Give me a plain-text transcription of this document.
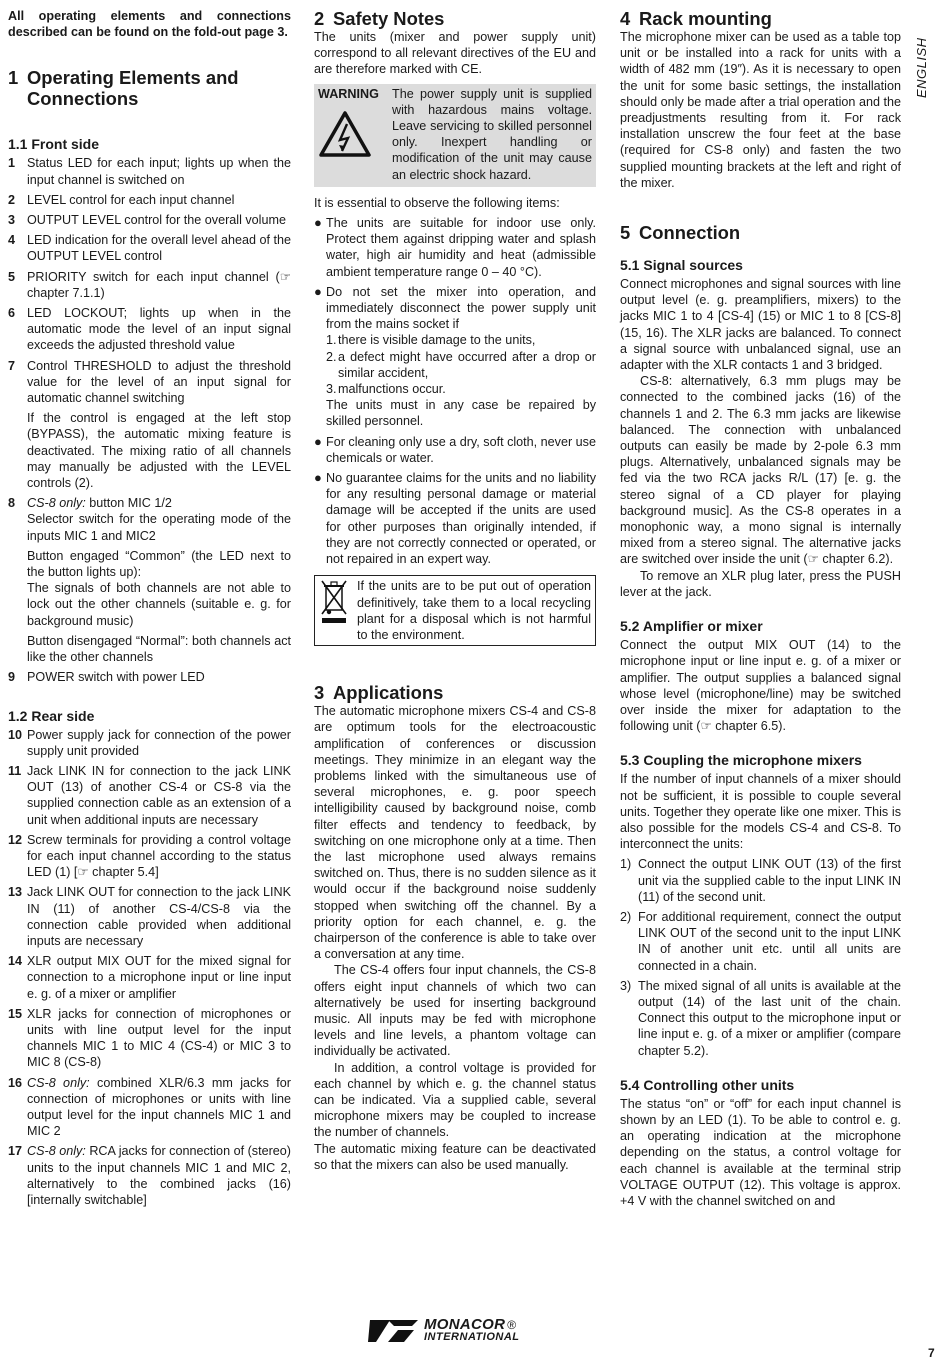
All operating elements and connections described can be found on the fold-out page 3.

1 Operating Elements and Connections
1.1 Front side
1 Status LED for each input; lights up when the input channel is switched on

2 LEVEL control for each input channel

3 OUTPUT LEVEL control for the overall volume

4 LED indication for the overall level ahead of the OUTPUT LEVEL control

5 PRIORITY switch for each input channel (☞ chapter 7.1.1)

6 LED LOCKOUT; lights up when in the automatic mode the level of an input signal exceeds the adjusted threshold value

7 Control THRESHOLD to adjust the threshold value for the level of an input signal for automatic channel switching

If the control is engaged at the left stop (BYPASS), the automatic mixing feature is deactivated. The mixing ratio of all channels may manually be adjusted with the LEVEL controls (2).

8 CS-8 only: button MIC 1/2
Selector switch for the operating mode of the inputs MIC 1 and MIC2

Button engaged “Common” (the LED next to the button lights up):

The signals of both channels are not able to lock out the other channels (suitable e. g. for background music)

Button disengaged “Normal”: both channels act like the other channels

9 POWER switch with power LED

1.2 Rear side
10 Power supply jack for connection of the power supply unit provided

11 Jack LINK IN for connection to the jack LINK OUT (13) of another CS-4 or CS-8 via the supplied connection cable as an extension of a unit when additional inputs are necessary

12 Screw terminals for providing a control voltage for each input channel according to the status LED (1) [☞ chapter 5.4]

13 Jack LINK OUT for connection to the jack LINK IN (11) of another CS-4/CS-8 via the connection cable provided when additional inputs are necessary

14 XLR output MIX OUT for the mixed signal for connection to a microphone input or line input e. g. of a mixer or amplifier

15 XLR jacks for connection of microphones or units with line output level for the input channels MIC 1 to MIC 4 (CS-4) or MIC 3 to MIC 8 (CS-8)

16 CS-8 only: combined XLR/6.3 mm jacks for connection of microphones or units with line output level for the input channels MIC 1 and MIC 2

17 CS-8 only: RCA jacks for connection of (stereo) units to the input channels MIC 1 and MIC 2, alternatively to the combined jacks (16) [internally switchable]

2 Safety Notes

The units (mixer and power supply unit) correspond to all relevant directives of the EU and are therefore marked with CE.

WARNING	The power supply unit is supplied with hazardous mains voltage. Leave servicing to skilled personnel only. Inexpert handling or modification of the unit may cause an electric shock hazard.

It is essential to observe the following items:

● The units are suitable for indoor use only. Protect them against dripping water and splash water, high air humidity and heat (admissible ambient temperature range 0 – 40 °C).
● Do not set the mixer into operation, and immediately disconnect the power supply unit from the mains socket if
1. there is visible damage to the units,
2. a defect might have occurred after a drop or similar accident,
3. malfunctions occur.
The units must in any case be repaired by skilled personnel.
● For cleaning only use a dry, soft cloth, never use chemicals or water.
● No guarantee claims for the units and no liability for any resulting personal damage or material damage will be accepted if the units are used for other purposes than originally intended, if they are not correctly connected or operated, or not repaired in an expert way.

If the units are to be put out of operation definitively, take them to a local recycling plant for a disposal which is not harmful to the environment.

3 Applications

The automatic microphone mixers CS-4 and CS-8 are optimum tools for the electroacoustic amplification of conferences or discussion meetings. They minimize in an elegant way the problems linked with the simultaneous use of several microphones, e. g. poor speech intelligibility caused by background noise, comb filter effects and tendency to feedback, by switching on one microphone only at a time. Then the last microphone used always remains switched on. Thus, there is no sudden silence as it would occur if the background noise suddenly stopped when switching off the channel. By a priority option for each channel, e. g. the chairperson of the conference is able to take over a conversation at any time.

The CS-4 offers four input channels, the CS-8 offers eight input channels of which two can alternatively be used for inserting background music. All inputs may be fed with microphone levels and line levels, a phantom voltage can individually be activated.

In addition, a control voltage is provided for each channel by which e. g. the channel status can be indicated. Via a supplied cable, several microphone mixers may be coupled to increase the number of channels.

The automatic mixing feature can be deactivated so that the mixers can also be used manually.

4 Rack mounting

The microphone mixer can be used as a table top unit or be installed into a rack for units with a width of 482 mm (19″). As it is necessary to open the unit for some basic settings, the installation should only be made after a trial operation and the preadjustments resulting from it. For rack installation unscrew the four feet at the base (required for CS-8 only) and fasten the two supplied mounting brackets at the left and right of the mixer.

5 Connection
5.1 Signal sources

Connect microphones and signal sources with line output level (e. g. preamplifiers, mixers) to the jacks MIC 1 to 4 [CS-4] (15) or MIC 1 to 8 [CS-8] (15, 16). The XLR jacks are balanced. To connect a signal source with unbalanced signal, use an adapter with the XLR contacts 1 and 3 bridged.

CS-8: alternatively, 6.3 mm plugs may be connected to the combined jacks (16) of the channels 1 and 2. The 6.3 mm jacks are likewise balanced. The connection with unbalanced outputs can easily be made by 2-pole 6.3 mm plugs. Alternatively, unbalanced signals may be fed via the two RCA jacks R/L (17) [e. g. the stereo signal of a CD player for playing background music]. As the CS-8 operates in a monophonic way, a mono signal is internally mixed from a stereo signal. The alternative jacks are switched over inside the unit (☞ chapter 6.2).

To remove an XLR plug later, press the PUSH lever at the jack.

5.2 Amplifier or mixer

Connect the output MIX OUT (14) to the microphone input or line input e. g. of a mixer or amplifier. The output supplies a balanced signal whose level (microphone/line) may be switched over inside the mixer for adaptation to the following unit (☞ chapter 6.5).

5.3 Coupling the microphone mixers

If the number of input channels of a mixer should not be sufficient, it is possible to couple several units. Together they operate like one mixer. This is also possible for the models CS-4 and CS-8. To interconnect the units:

1) Connect the output LINK OUT (13) of the first unit via the supplied cable to the input LINK IN (11) of the second unit.
2) For additional requirement, connect the output LINK OUT of the second unit to the input LINK IN of another unit etc. until all units are connected in a chain.
3) The mixed signal of all units is available at the output (14) of the last unit of the chain. Connect this output to the microphone input or line input e. g. of a mixer or amplifier (compare chapter 5.2).
5.4 Controlling other units

The status “on” or “off” for each input channel is shown by an LED (1). To be able to control e. g. an operating indication at the microphone depending on the status, a control voltage for each channel is available at the terminal strip VOLTAGE OUTPUT (12). This voltage is approx. +4 V with the channel switched on and

ENGLISH
MONACOR ®
INTERNATIONAL
7
